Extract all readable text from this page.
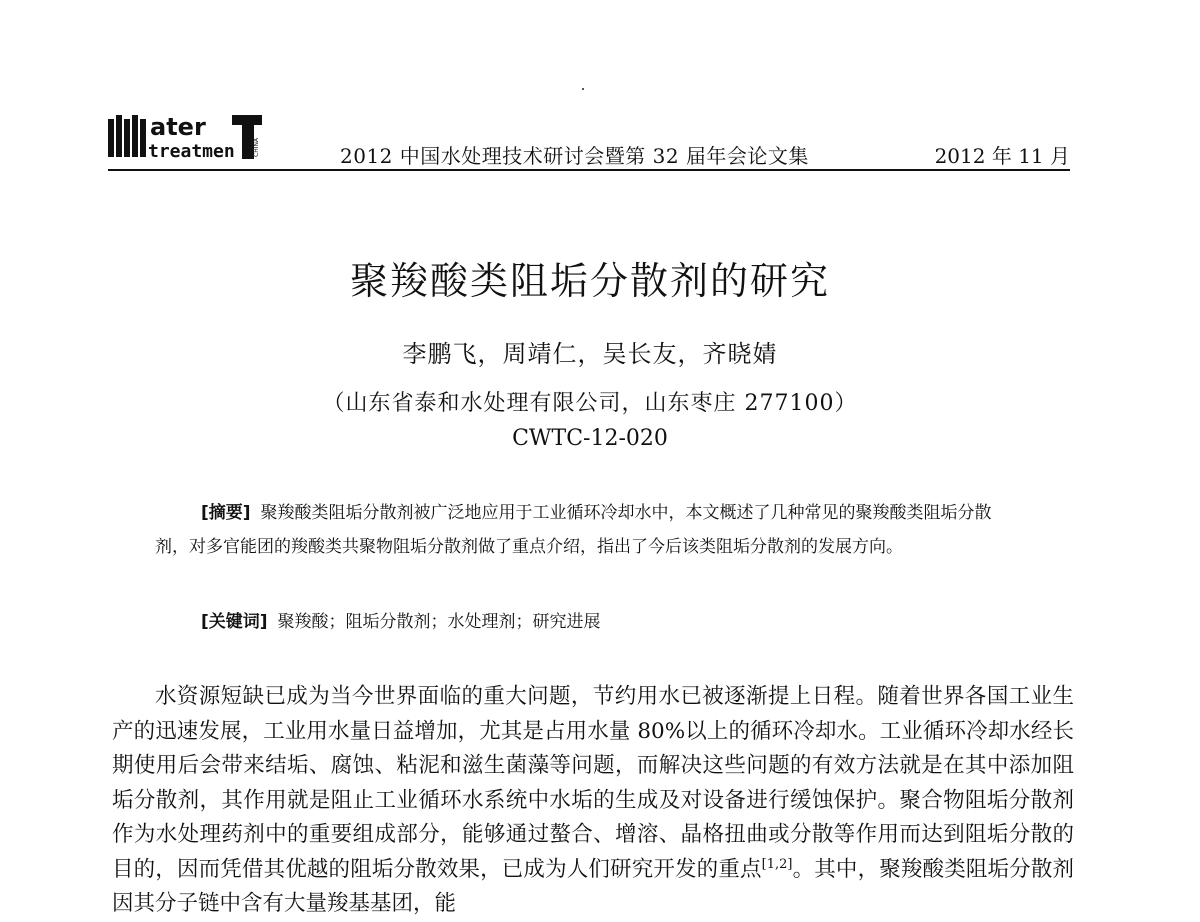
ater
treatmen	CHINA	2012 中国水处理技术研讨会暨第 32 届年会论文集	2012 年 11 月
聚羧酸类阻垢分散剂的研究
李鹏飞，周靖仁，吴长友，齐晓婧
（山东省泰和水处理有限公司，山东枣庄 277100）
CWTC-12-020
[摘要] 聚羧酸类阻垢分散剂被广泛地应用于工业循环冷却水中，本文概述了几种常见的聚羧酸类阻垢分散剂，对多官能团的羧酸类共聚物阻垢分散剂做了重点介绍，指出了今后该类阻垢分散剂的发展方向。
[关键词] 聚羧酸；阻垢分散剂；水处理剂；研究进展
水资源短缺已成为当今世界面临的重大问题，节约用水已被逐渐提上日程。随着世界各国工业生产的迅速发展，工业用水量日益增加，尤其是占用水量 80%以上的循环冷却水。工业循环冷却水经长期使用后会带来结垢、腐蚀、粘泥和滋生菌藻等问题，而解决这些问题的有效方法就是在其中添加阻垢分散剂，其作用就是阻止工业循环水系统中水垢的生成及对设备进行缓蚀保护。聚合物阻垢分散剂作为水处理药剂中的重要组成部分，能够通过螯合、增溶、晶格扭曲或分散等作用而达到阻垢分散的目的，因而凭借其优越的阻垢分散效果，已成为人们研究开发的重点[1,2]。其中，聚羧酸类阻垢分散剂因其分子链中含有大量羧基基团，能
